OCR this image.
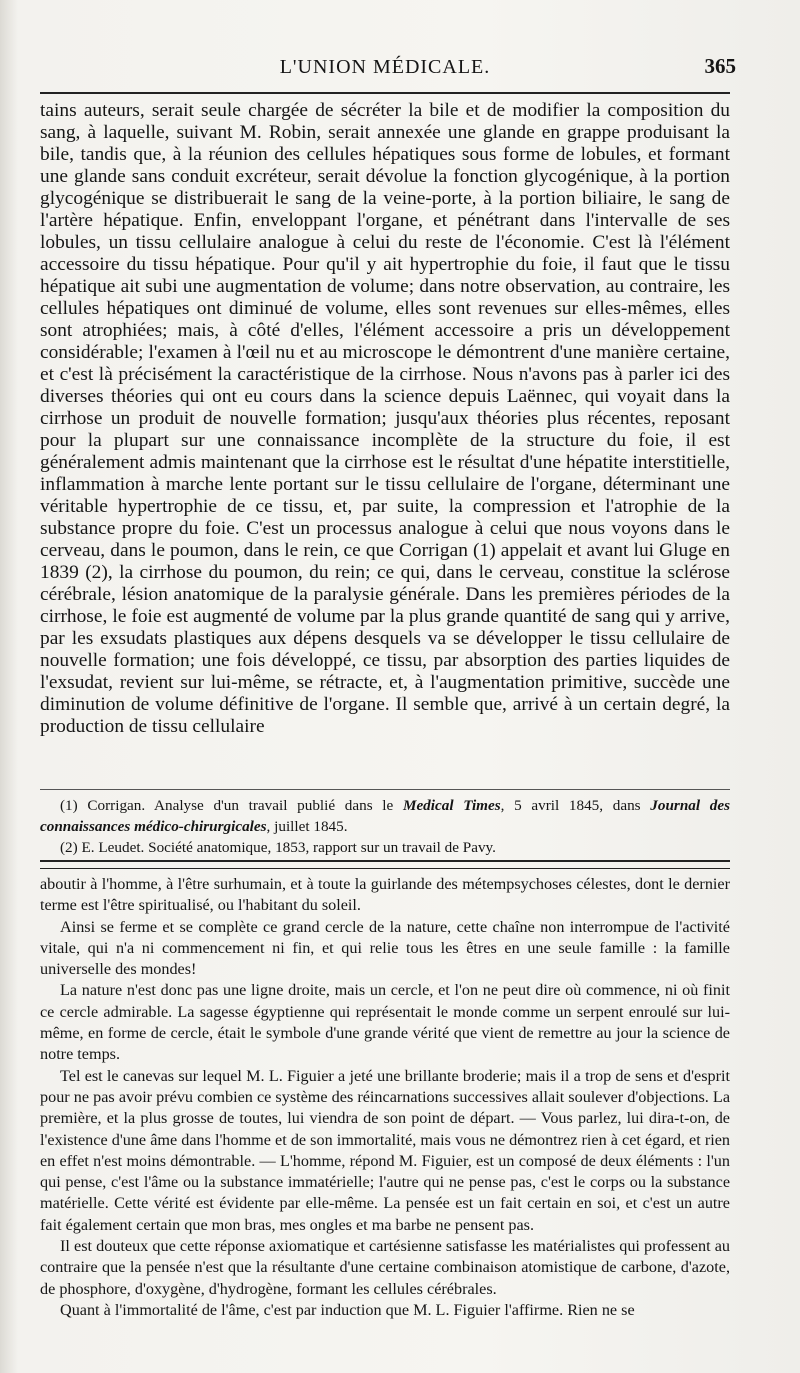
L'UNION MÉDICALE.	365

tains auteurs, serait seule chargée de sécréter la bile et de modifier la composition du sang, à laquelle, suivant M. Robin, serait annexée une glande en grappe produisant la bile, tandis que, à la réunion des cellules hépatiques sous forme de lobules, et formant une glande sans conduit excréteur, serait dévolue la fonction glycogénique, à la portion glycogénique se distribuerait le sang de la veine-porte, à la portion biliaire, le sang de l'artère hépatique. Enfin, enveloppant l'organe, et pénétrant dans l'intervalle de ses lobules, un tissu cellulaire analogue à celui du reste de l'économie. C'est là l'élément accessoire du tissu hépatique. Pour qu'il y ait hypertrophie du foie, il faut que le tissu hépatique ait subi une augmentation de volume; dans notre observation, au contraire, les cellules hépatiques ont diminué de volume, elles sont revenues sur elles-mêmes, elles sont atrophiées; mais, à côté d'elles, l'élément accessoire a pris un développement considérable; l'examen à l'œil nu et au microscope le démontrent d'une manière certaine, et c'est là précisément la caractéristique de la cirrhose. Nous n'avons pas à parler ici des diverses théories qui ont eu cours dans la science depuis Laënnec, qui voyait dans la cirrhose un produit de nouvelle formation; jusqu'aux théories plus récentes, reposant pour la plupart sur une connaissance incomplète de la structure du foie, il est généralement admis maintenant que la cirrhose est le résultat d'une hépatite interstitielle, inflammation à marche lente portant sur le tissu cellulaire de l'organe, déterminant une véritable hypertrophie de ce tissu, et, par suite, la compression et l'atrophie de la substance propre du foie. C'est un processus analogue à celui que nous voyons dans le cerveau, dans le poumon, dans le rein, ce que Corrigan (1) appelait et avant lui Gluge en 1839 (2), la cirrhose du poumon, du rein; ce qui, dans le cerveau, constitue la sclérose cérébrale, lésion anatomique de la paralysie générale. Dans les premières périodes de la cirrhose, le foie est augmenté de volume par la plus grande quantité de sang qui y arrive, par les exsudats plastiques aux dépens desquels va se développer le tissu cellulaire de nouvelle formation; une fois développé, ce tissu, par absorption des parties liquides de l'exsudat, revient sur lui-même, se rétracte, et, à l'augmentation primitive, succède une diminution de volume définitive de l'organe. Il semble que, arrivé à un certain degré, la production de tissu cellulaire

(1) Corrigan. Analyse d'un travail publié dans le Medical Times, 5 avril 1845, dans Journal des connaissances médico-chirurgicales, juillet 1845.

(2) E. Leudet. Société anatomique, 1853, rapport sur un travail de Pavy.

aboutir à l'homme, à l'être surhumain, et à toute la guirlande des métempsychoses célestes, dont le dernier terme est l'être spiritualisé, ou l'habitant du soleil.

Ainsi se ferme et se complète ce grand cercle de la nature, cette chaîne non interrompue de l'activité vitale, qui n'a ni commencement ni fin, et qui relie tous les êtres en une seule famille : la famille universelle des mondes!

La nature n'est donc pas une ligne droite, mais un cercle, et l'on ne peut dire où commence, ni où finit ce cercle admirable. La sagesse égyptienne qui représentait le monde comme un serpent enroulé sur lui-même, en forme de cercle, était le symbole d'une grande vérité que vient de remettre au jour la science de notre temps.

Tel est le canevas sur lequel M. L. Figuier a jeté une brillante broderie; mais il a trop de sens et d'esprit pour ne pas avoir prévu combien ce système des réincarnations successives allait soulever d'objections. La première, et la plus grosse de toutes, lui viendra de son point de départ. — Vous parlez, lui dira-t-on, de l'existence d'une âme dans l'homme et de son immortalité, mais vous ne démontrez rien à cet égard, et rien en effet n'est moins démontrable. — L'homme, répond M. Figuier, est un composé de deux éléments : l'un qui pense, c'est l'âme ou la substance immatérielle; l'autre qui ne pense pas, c'est le corps ou la substance matérielle. Cette vérité est évidente par elle-même. La pensée est un fait certain en soi, et c'est un autre fait également certain que mon bras, mes ongles et ma barbe ne pensent pas.

Il est douteux que cette réponse axiomatique et cartésienne satisfasse les matérialistes qui professent au contraire que la pensée n'est que la résultante d'une certaine combinaison atomistique de carbone, d'azote, de phosphore, d'oxygène, d'hydrogène, formant les cellules cérébrales.

Quant à l'immortalité de l'âme, c'est par induction que M. L. Figuier l'affirme. Rien ne se
